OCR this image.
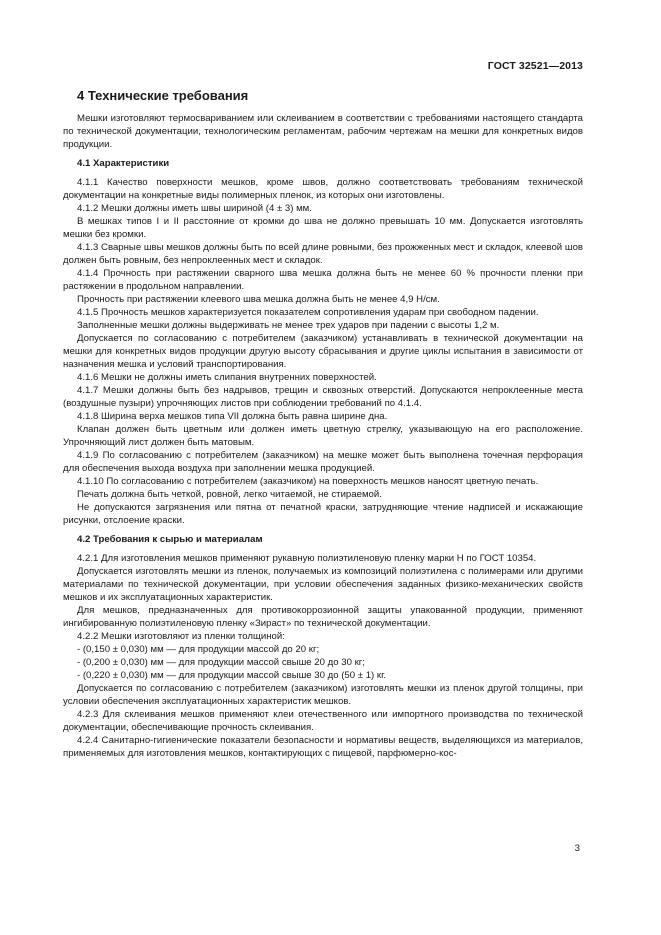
ГОСТ 32521—2013

4 Технические требования

Мешки изготовляют термосвариванием или склеиванием в соответствии с требованиями настоящего стандарта по технической документации, технологическим регламентам, рабочим чертежам на мешки для конкретных видов продукции.

4.1 Характеристики

4.1.1 Качество поверхности мешков, кроме швов, должно соответствовать требованиям технической документации на конкретные виды полимерных пленок, из которых они изготовлены.

4.1.2 Мешки должны иметь швы шириной (4 ± 3) мм.

В мешках типов I и II расстояние от кромки до шва не должно превышать 10 мм. Допускается изготовлять мешки без кромки.

4.1.3 Сварные швы мешков должны быть по всей длине ровными, без прожженных мест и складок, клеевой шов должен быть ровным, без непроклеенных мест и складок.

4.1.4 Прочность при растяжении сварного шва мешка должна быть не менее 60 % прочности пленки при растяжении в продольном направлении.

Прочность при растяжении клеевого шва мешка должна быть не менее 4,9 Н/см.

4.1.5 Прочность мешков характеризуется показателем сопротивления ударам при свободном падении.

Заполненные мешки должны выдерживать не менее трех ударов при падении с высоты 1,2 м.

Допускается по согласованию с потребителем (заказчиком) устанавливать в технической документации на мешки для конкретных видов продукции другую высоту сбрасывания и другие циклы испытания в зависимости от назначения мешка и условий транспортирования.

4.1.6 Мешки не должны иметь слипания внутренних поверхностей.

4.1.7 Мешки должны быть без надрывов, трещин и сквозных отверстий. Допускаются непроклеенные места (воздушные пузыри) упрочняющих листов при соблюдении требований по 4.1.4.

4.1.8 Ширина верха мешков типа VII должна быть равна ширине дна.

Клапан должен быть цветным или должен иметь цветную стрелку, указывающую на его расположение. Упрочняющий лист должен быть матовым.

4.1.9 По согласованию с потребителем (заказчиком) на мешке может быть выполнена точечная перфорация для обеспечения выхода воздуха при заполнении мешка продукцией.

4.1.10 По согласованию с потребителем (заказчиком) на поверхность мешков наносят цветную печать.

Печать должна быть четкой, ровной, легко читаемой, не стираемой.

Не допускаются загрязнения или пятна от печатной краски, затрудняющие чтение надписей и искажающие рисунки, отслоение краски.

4.2 Требования к сырью и материалам

4.2.1 Для изготовления мешков применяют рукавную полиэтиленовую пленку марки Н по ГОСТ 10354.

Допускается изготовлять мешки из пленок, получаемых из композиций полиэтилена с полимерами или другими материалами по технической документации, при условии обеспечения заданных физико-механических свойств мешков и их эксплуатационных характеристик.

Для мешков, предназначенных для противокоррозионной защиты упакованной продукции, применяют ингибированную полиэтиленовую пленку «Зираст» по технической документации.

4.2.2 Мешки изготовляют из пленки толщиной:

- (0,150 ± 0,030) мм — для продукции массой до 20 кг;

- (0,200 ± 0,030) мм — для продукции массой свыше 20 до 30 кг;

- (0,220 ± 0,030) мм — для продукции массой свыше 30 до (50 ± 1) кг.

Допускается по согласованию с потребителем (заказчиком) изготовлять мешки из пленок другой толщины, при условии обеспечения эксплуатационных характеристик мешков.

4.2.3 Для склеивания мешков применяют клеи отечественного или импортного производства по технической документации, обеспечивающие прочность склеивания.

4.2.4 Санитарно-гигиенические показатели безопасности и нормативы веществ, выделяющихся из материалов, применяемых для изготовления мешков, контактирующих с пищевой, парфюмерно-кос-

3
